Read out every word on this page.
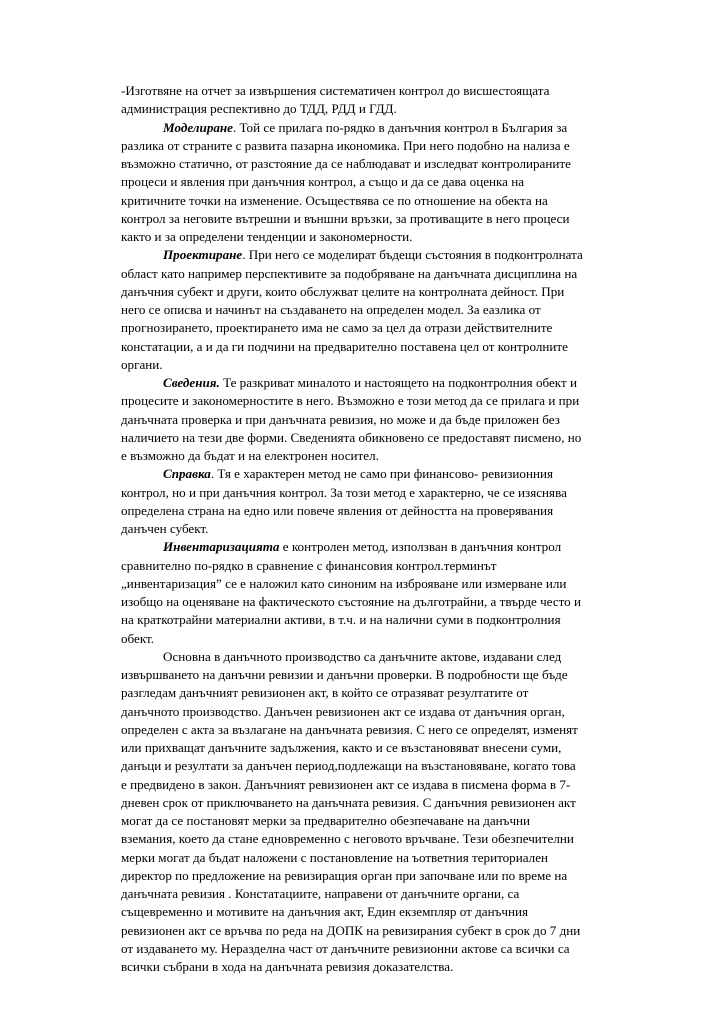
-Изготвяне на отчет за извършения систематичен контрол до висшестоящата
администрация респективно до ТДД, РДД и ГДД.
Моделиране. Той се прилага по-рядко в данъчния контрол в България за
разлика от страните с развита пазарна икономика. При него подобно на нализа е
възможно статично, от разстояние да се наблюдават и изследват контролираните
процеси и явления при данъчния контрол, а също и да се дава оценка на
критичните точки на изменение. Осъществява се по отношение на обекта на
контрол за неговите вътрешни и външни връзки, за противащите в него процеси
както и за определени тенденции и закономерности.
Проектиране. При него се моделират бъдещи състояния в подконтролната
област като например перспективите за подобряване на данъчната дисциплина на
данъчния субект и други, които обслужват целите на контролната дейност. При
него се описва и начинът на създаването на определен модел. За еазлика от
прогнозирането, проектирането има не само за цел да отрази действителните
констатации, а и да ги подчини на предварително поставена цел от контролните
органи.
Сведения. Те разкриват миналото и настоящето на подконтролния обект и
процесите и закономерностите в него. Възможно е този метод да се прилага и при
данъчната проверка и при данъчната ревизия, но може и да бъде приложен без
наличието на тези две форми. Сведенията обикновено се предоставят писмено, но
е възможно да бъдат и на електронен носител.
Справка. Тя е характерен метод не само при финансово- ревизионния
контрол, но и при данъчния контрол. За този метод е характерно, че се изяснява
определена страна на едно или повече явления от дейността на проверявания
данъчен субект.
Инвентаризацията е контролен метод, използван в данъчния контрол
сравнително по-рядко в сравнение с финансовия контрол.терминът
„инвентаризация” се е наложил като синоним на изброяване или измерване или
изобщо на оценяване на фактическото състояние на дълготрайни, а твърде често и
на краткотрайни материални активи, в т.ч. и на налични суми в подконтролния
обект.
Основна в данъчното производство са данъчните актове, издавани след
извършването на данъчни ревизии и данъчни проверки. В подробности ще бъде
разгледам данъчният ревизионен акт, в който се отразяват резултатите от
данъчното производство. Данъчен ревизионен акт се издава от данъчния орган,
определен с акта за възлагане на данъчната ревизия. С него се определят, изменят
или прихващат данъчните задължения, както и се възстановяват внесени суми,
данъци и резултати за данъчен период,подлежащи на възстановяване, когато това
е предвидено в закон. Данъчният ревизионен акт се издава в писмена форма в 7-
дневен срок от приключването на данъчната ревизия. С данъчния ревизионен акт
могат да се постановят мерки за предварително обезпечаване на данъчни
вземания, което да стане едновременно с неговото връчване. Тези обезпечителни
мерки могат да бъдат наложени с постановление на ъответния териториален
директор по предложение на ревизиращия орган при започване или по време на
данъчната ревизия . Констатациите, направени от данъчните органи, са
същевременно и мотивите на данъчния акт, Един екземпляр от данъчния
ревизионен акт се връчва по реда на ДОПК на ревизирания субект в срок до 7 дни
от издаването му. Неразделна част от данъчните ревизионни актове са всички са
всички събрани в хода на данъчната ревизия доказателства.
